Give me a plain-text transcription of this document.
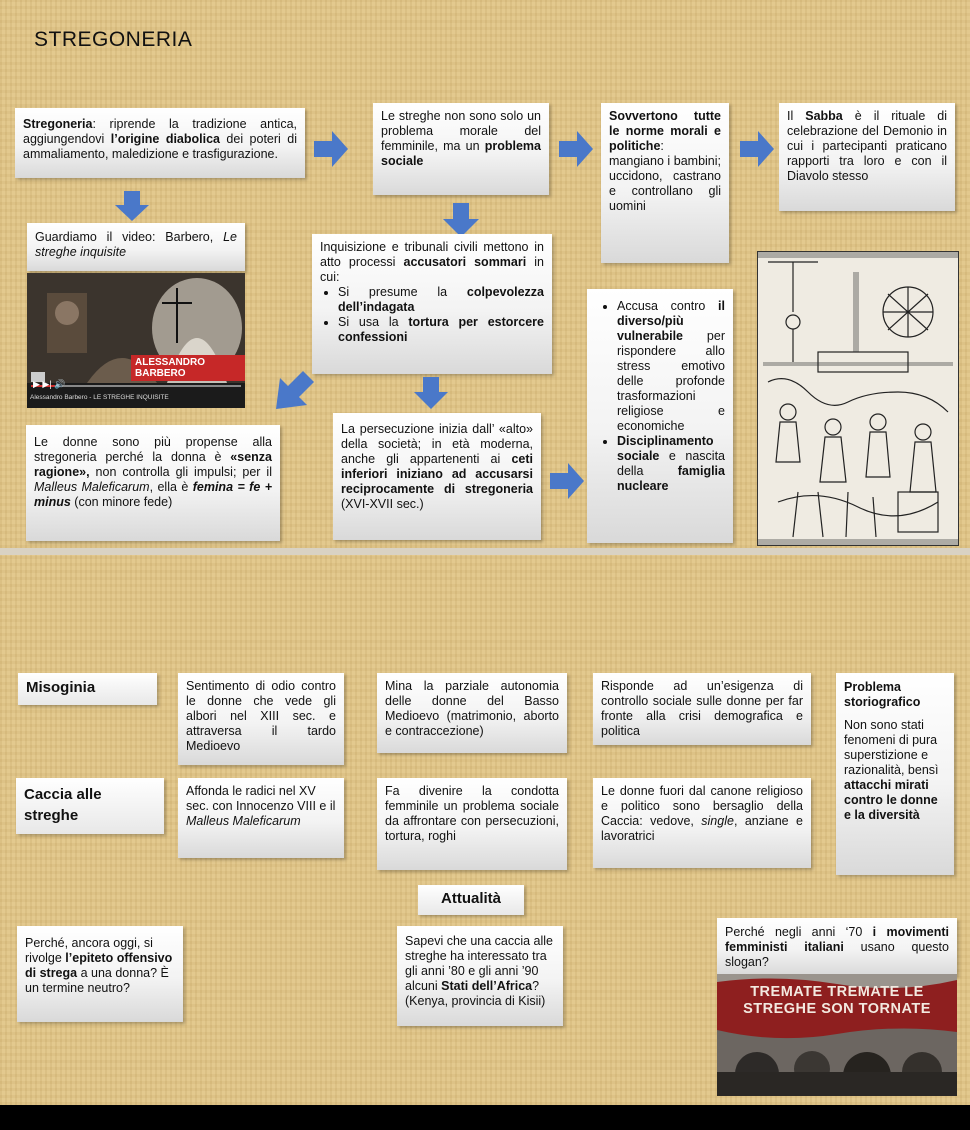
STREGONERIA
Stregoneria: riprende la tradizione antica, aggiungendovi l’origine diabolica dei poteri di ammaliamento, maledizione e trasfigurazione.
Le streghe non sono solo un problema morale del femminile, ma un problema sociale
Sovvertono tutte le norme morali e politiche: mangiano i bambini; uccidono, castrano e controllano gli uomini
Il Sabba è il rituale di celebrazione del Demonio in cui i partecipanti praticano rapporti tra loro e con il Diavolo stesso
Guardiamo il video: Barbero, Le streghe inquisite
ALESSANDRO BARBERO
Alessandro Barbero - LE STREGHE INQUISITE
▶ ▶| 🔊
Inquisizione e tribunali civili mettono in atto processi accusatori sommari in cui:
• Si presume la colpevolezza dell’indagata
• Si usa la tortura per estorcere confessioni
• Accusa contro il diverso/più vulnerabile per rispondere allo stress emotivo delle profonde trasformazioni religiose e economiche
• Disciplinamento sociale e nascita della famiglia nucleare
Le donne sono più propense alla stregoneria perché la donna è «senza ragione», non controlla gli impulsi; per il Malleus Maleficarum, ella è femina = fe + minus (con minore fede)
La persecuzione inizia dall’ «alto» della società; in età moderna, anche gli appartenenti ai ceti inferiori iniziano ad accusarsi reciprocamente di stregoneria (XVI-XVII sec.)
Misoginia	Sentimento di odio contro le donne che vede gli albori nel XIII sec. e attraversa il tardo Medioevo
Mina la parziale autonomia delle donne del Basso Medioevo (matrimonio, aborto e contraccezione)
Risponde ad un’esigenza di controllo sociale sulle donne per far fronte alla crisi demografica e politica
Problema storiografico
Non sono stati fenomeni di pura superstizione e razionalità, bensì attacchi mirati contro le donne e la diversità
Caccia alle streghe
Affonda le radici nel XV sec. con Innocenzo VIII e il Malleus Maleficarum
Fa divenire la condotta femminile un problema sociale da affrontare con persecuzioni, tortura, roghi
Le donne fuori dal canone religioso e politico sono bersaglio della Caccia: vedove, single, anziane e lavoratrici
Attualità
Perché, ancora oggi, si rivolge l’epiteto offensivo di strega a una donna? È un termine neutro?
Sapevi che una caccia alle streghe ha interessato tra gli anni ’80 e gli anni ’90 alcuni Stati dell’Africa? (Kenya, provincia di Kisii)
Perché negli anni ‘70 i movimenti femministi italiani usano questo slogan?
TREMATE TREMATE LE STREGHE SON TORNATE
